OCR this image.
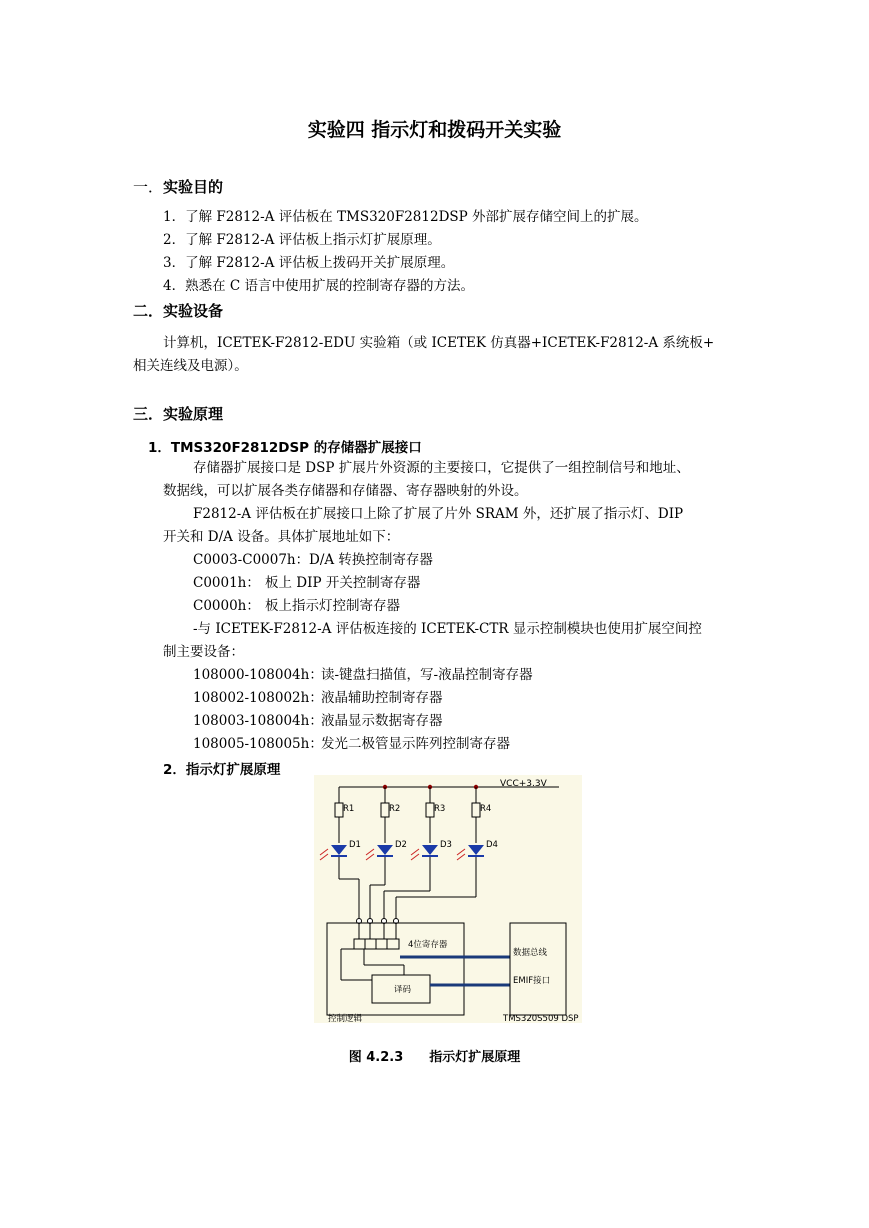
实验四 指示灯和拨码开关实验
一．实验目的
1．了解 F2812-A 评估板在 TMS320F2812DSP 外部扩展存储空间上的扩展。
2．了解 F2812-A 评估板上指示灯扩展原理。
3．了解 F2812-A 评估板上拨码开关扩展原理。
4．熟悉在 C 语言中使用扩展的控制寄存器的方法。
二．实验设备
计算机，ICETEK-F2812-EDU 实验箱（或 ICETEK 仿真器+ICETEK-F2812-A 系统板+
相关连线及电源）。
三．实验原理
1．TMS320F2812DSP 的存储器扩展接口
存储器扩展接口是 DSP 扩展片外资源的主要接口，它提供了一组控制信号和地址、
数据线，可以扩展各类存储器和存储器、寄存器映射的外设。
F2812-A 评估板在扩展接口上除了扩展了片外 SRAM 外，还扩展了指示灯、DIP
开关和 D/A 设备。具体扩展地址如下：
C0003-C0007h：D/A 转换控制寄存器
C0001h： 板上 DIP 开关控制寄存器
C0000h： 板上指示灯控制寄存器
-与 ICETEK-F2812-A 评估板连接的 ICETEK-CTR 显示控制模块也使用扩展空间控
制主要设备：
108000-108004h：读-键盘扫描值，写-液晶控制寄存器
108002-108002h：液晶辅助控制寄存器
108003-108004h：液晶显示数据寄存器
108005-108005h：发光二极管显示阵列控制寄存器
2．指示灯扩展原理
VCC+3.3V
R1
D1
R2
D2
R3
D3
R4
D4
控制逻辑
4位寄存器
译码
数据总线
EMIF接口
TMS320S509 DSP
图 4.2.3　　指示灯扩展原理
